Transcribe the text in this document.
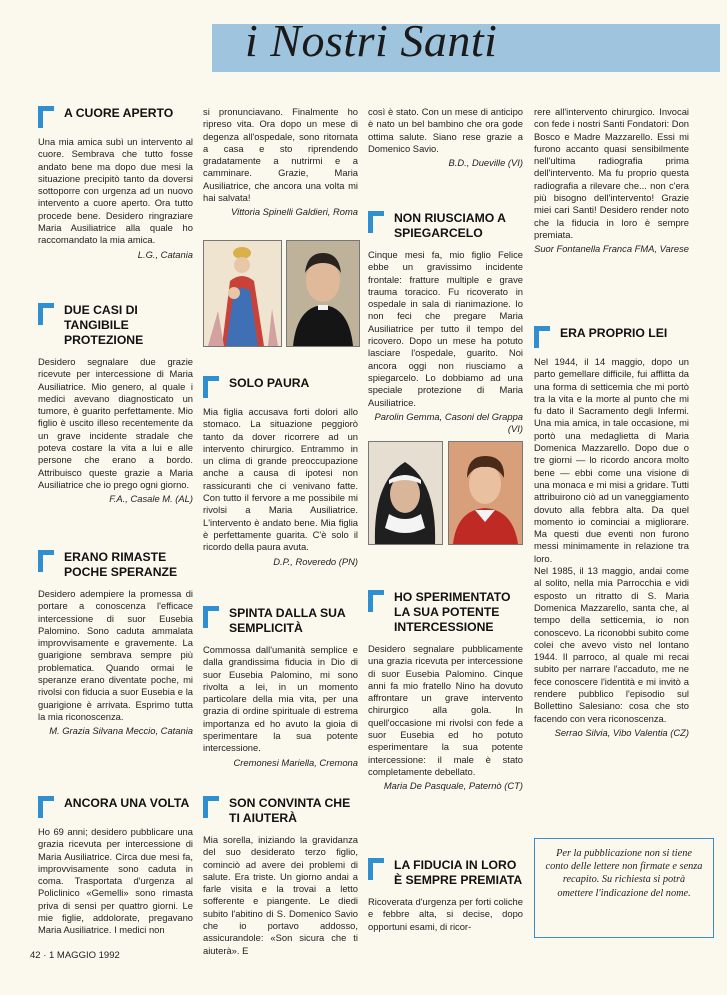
i Nostri Santi
A CUORE APERTO

Una mia amica subì un intervento al cuore. Sembrava che tutto fosse andato bene ma dopo due mesi la situazione precipitò tanto da doversi sottoporre con urgenza ad un nuovo intervento a cuore aperto. Ora tutto procede bene. Desidero ringraziare Maria Ausiliatrice alla quale ho raccomandato la mia amica.

L.G., Catania

DUE CASI DI TANGIBILE PROTEZIONE

Desidero segnalare due grazie ricevute per intercessione di Maria Ausiliatrice. Mio genero, al quale i medici avevano diagnosticato un tumore, è guarito perfettamente. Mio figlio è uscito illeso recentemente da un grave incidente stradale che poteva costare la vita a lui e alle persone che erano a bordo. Attribuisco queste grazie a Maria Ausiliatrice che io prego ogni giorno.

F.A., Casale M. (AL)

ERANO RIMASTE POCHE SPERANZE

Desidero adempiere la promessa di portare a conoscenza l'efficace intercessione di suor Eusebia Palomino. Sono caduta ammalata improvvisamente e gravemente. La guarigione sembrava sempre più problematica. Quando ormai le speranze erano diventate poche, mi rivolsi con fiducia a suor Eusebia e la guarigione è arrivata. Esprimo tutta la mia riconoscenza.

M. Grazia Silvana Meccio, Catania

ANCORA UNA VOLTA

Ho 69 anni; desidero pubblicare una grazia ricevuta per intercessione di Maria Ausiliatrice. Circa due mesi fa, improvvisamente sono caduta in coma. Trasportata d'urgenza al Policlinico «Gemelli» sono rimasta priva di sensi per quattro giorni. Le mie figlie, addolorate, pregavano Maria Ausiliatrice. I medici non

si pronunciavano. Finalmente ho ripreso vita. Ora dopo un mese di degenza all'ospedale, sono ritornata a casa e sto riprendendo gradatamente a nutrirmi e a camminare. Grazie, Maria Ausiliatrice, che ancora una volta mi hai salvata!

Vittoria Spinelli Galdieri, Roma

SOLO PAURA

Mia figlia accusava forti dolori allo stomaco. La situazione peggiorò tanto da dover ricorrere ad un intervento chirurgico. Entrammo in un clima di grande preoccupazione anche a causa di ipotesi non rassicuranti che ci venivano fatte. Con tutto il fervore a me possibile mi rivolsi a Maria Ausiliatrice. L'intervento è andato bene. Mia figlia è perfettamente guarita. C'è solo il ricordo della paura avuta.

D.P., Roveredo (PN)

SPINTA DALLA SUA SEMPLICITÀ

Commossa dall'umanità semplice e dalla grandissima fiducia in Dio di suor Eusebia Palomino, mi sono rivolta a lei, in un momento particolare della mia vita, per una grazia di ordine spirituale di estrema importanza ed ho avuto la gioia di sperimentare la sua potente intercessione.

Cremonesi Mariella, Cremona

SON CONVINTA CHE TI AIUTERÀ

Mia sorella, iniziando la gravidanza del suo desiderato terzo figlio, cominciò ad avere dei problemi di salute. Era triste. Un giorno andai a farle visita e la trovai a letto sofferente e piangente. Le diedi subito l'abitino di S. Domenico Savio che io portavo addosso, assicurandole: «Son sicura che ti aiuterà». E

così è stato. Con un mese di anticipo è nato un bel bambino che ora gode ottima salute. Siano rese grazie a Domenico Savio.

B.D., Dueville (VI)

NON RIUSCIAMO A SPIEGARCELO

Cinque mesi fa, mio figlio Felice ebbe un gravissimo incidente frontale: fratture multiple e grave trauma toracico. Fu ricoverato in ospedale in sala di rianimazione. Io non feci che pregare Maria Ausiliatrice per tutto il tempo del ricovero. Dopo un mese ha potuto lasciare l'ospedale, guarito. Noi ancora oggi non riusciamo a spiegarcelo. Lo dobbiamo ad una speciale protezione di Maria Ausiliatrice.

Parolin Gemma, Casoni del Grappa (VI)

HO SPERIMENTATO LA SUA POTENTE INTERCESSIONE

Desidero segnalare pubblicamente una grazia ricevuta per intercessione di suor Eusebia Palomino. Cinque anni fa mio fratello Nino ha dovuto affrontare un grave intervento chirurgico alla gola. In quell'occasione mi rivolsi con fede a suor Eusebia ed ho potuto esperimentare la sua potente intercessione: il male è stato completamente debellato.

Maria De Pasquale, Paternò (CT)

LA FIDUCIA IN LORO È SEMPRE PREMIATA

Ricoverata d'urgenza per forti coliche e febbre alta, si decise, dopo opportuni esami, di ricor-

rere all'intervento chirurgico. Invocai con fede i nostri Santi Fondatori: Don Bosco e Madre Mazzarello. Essi mi furono accanto quasi sensibilmente nell'ultima radiografia prima dell'intervento. Ma fu proprio questa radiografia a rilevare che... non c'era più bisogno dell'intervento! Grazie miei cari Santi! Desidero render noto che la fiducia in loro è sempre premiata.

Suor Fontanella Franca FMA, Varese

ERA PROPRIO LEI

Nel 1944, il 14 maggio, dopo un parto gemellare difficile, fui afflitta da una forma di setticemia che mi portò tra la vita e la morte al punto che mi fu dato il Sacramento degli Infermi. Una mia amica, in tale occasione, mi portò una medaglietta di Maria Domenica Mazzarello. Dopo due o tre giorni — lo ricordo ancora molto bene — ebbi come una visione di una monaca e mi misi a gridare. Tutti attribuirono ciò ad un vaneggiamento dovuto alla febbra alta. Da quel momento io cominciai a migliorare. Ma questi due eventi non furono messi minimamente in relazione tra loro.

Nel 1985, il 13 maggio, andai come al solito, nella mia Parrocchia e vidi esposto un ritratto di S. Maria Domenica Mazzarello, santa che, al tempo della setticemia, io non conoscevo. La riconobbi subito come colei che avevo visto nel lontano 1944. Il parroco, al quale mi recai subito per narrare l'accaduto, me ne fece conoscere l'identità e mi invitò a rendere pubblico l'episodio sul Bollettino Salesiano: cosa che sto facendo con vera riconoscenza.

Serrao Silvia, Vibo Valentia (CZ)

Per la pubblicazione non si tiene conto delle lettere non firmate e senza recapito. Su richiesta si potrà omettere l'indicazione del nome.

42 · 1 MAGGIO 1992
